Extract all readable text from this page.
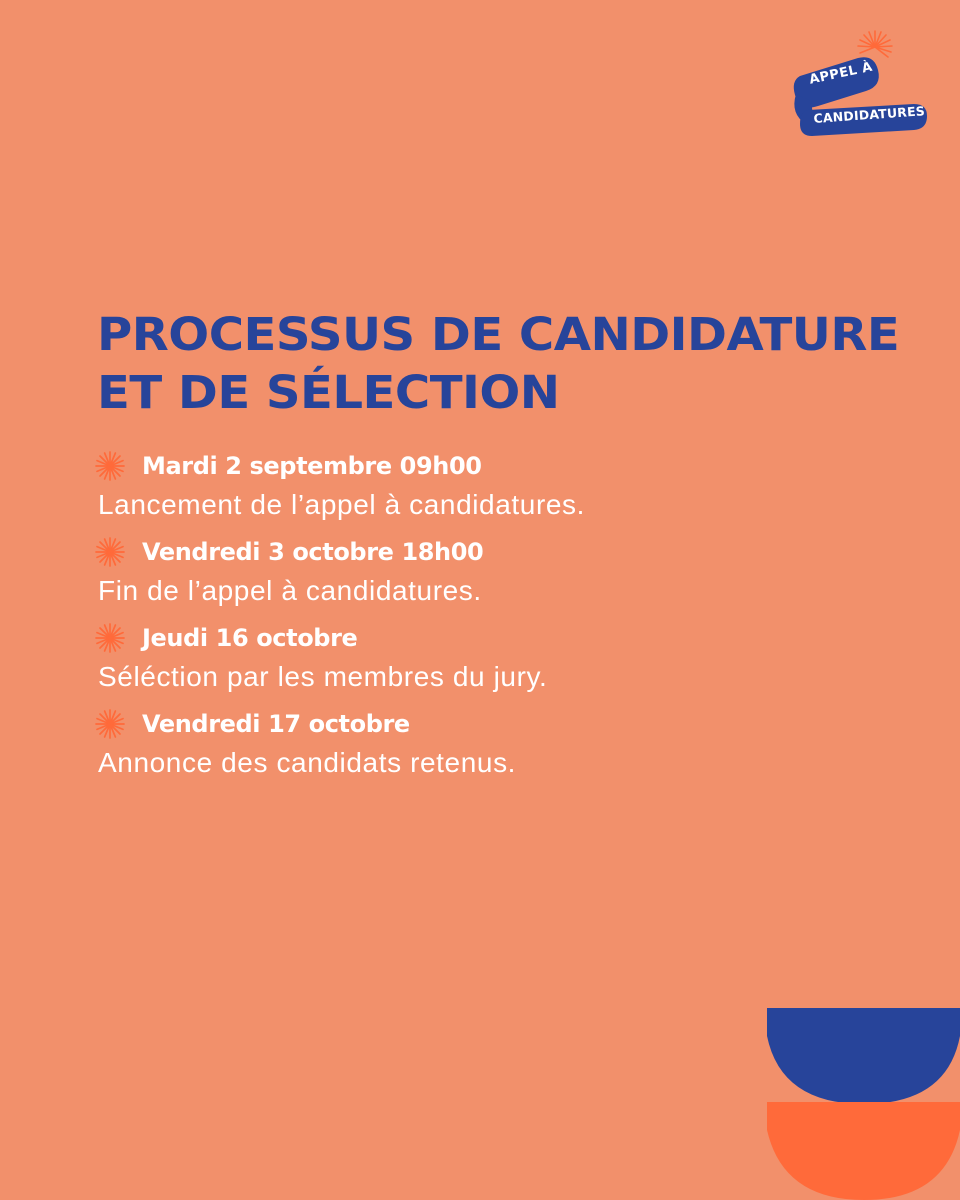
APPEL À
CANDIDATURES
PROCESSUS DE CANDIDATURE
ET DE SÉLECTION
Mardi 2 septembre 09h00
Lancement de l’appel à candidatures.
Vendredi 3 octobre 18h00
Fin de l’appel à candidatures.
Jeudi 16 octobre
Séléction par les membres du jury.
Vendredi 17 octobre
Annonce des candidats retenus.
